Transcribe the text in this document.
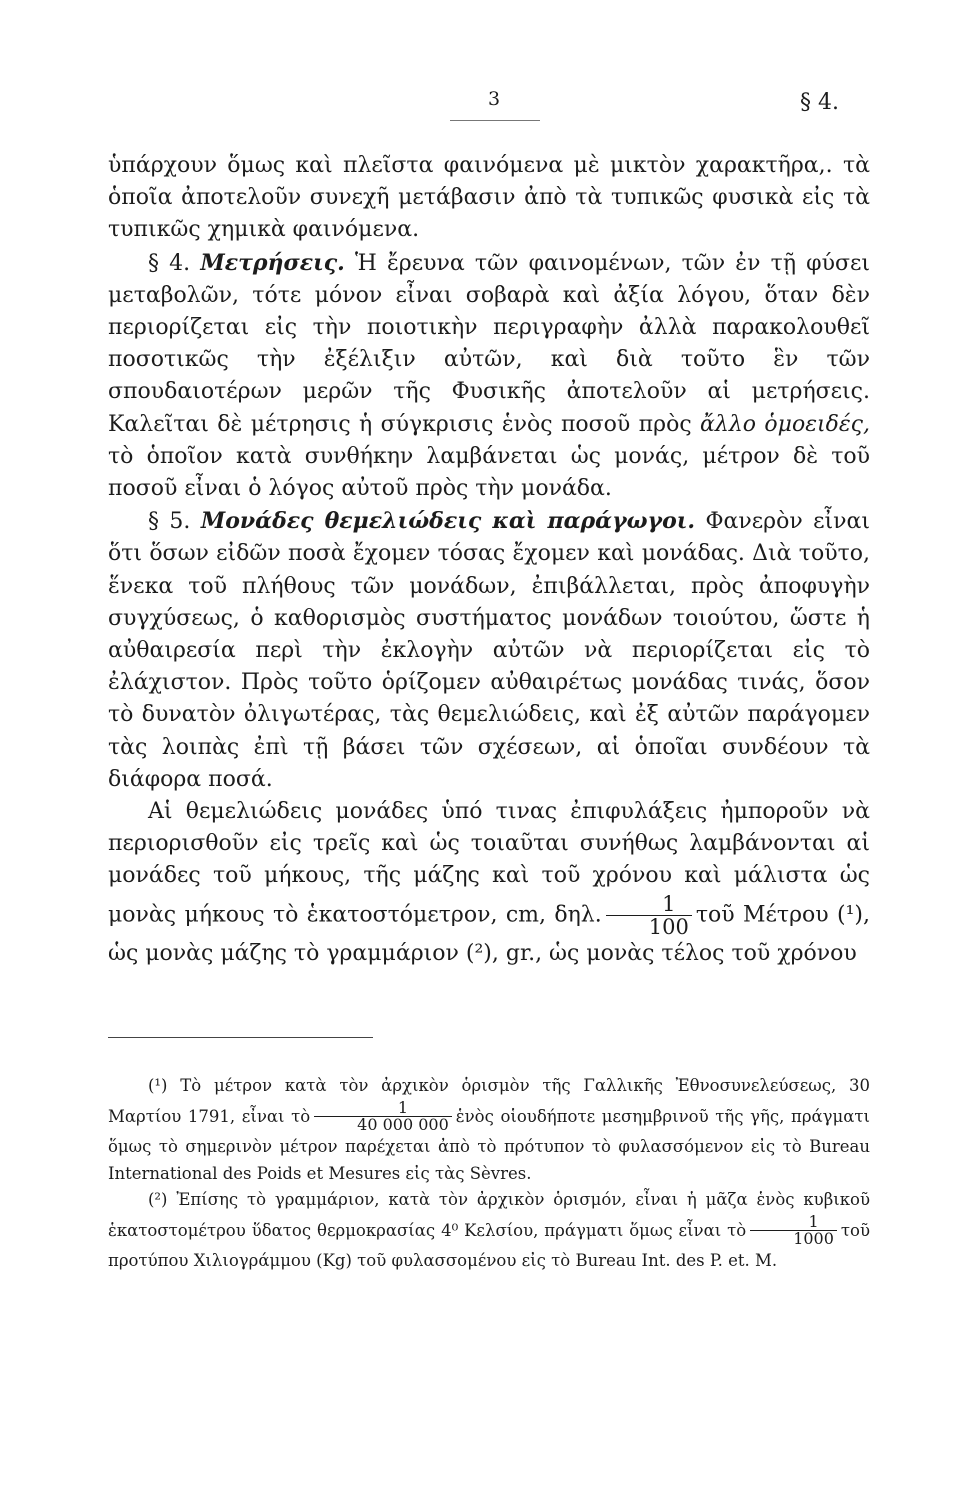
3	§ 4.

ὑπάρχουν ὅμως καὶ πλεῖστα φαινόμενα μὲ μικτὸν χαρακτῆρα,. τὰ ὁποῖα ἀποτελοῦν συνεχῆ μετάβασιν ἀπὸ τὰ τυπικῶς φυσικὰ εἰς τὰ τυπικῶς χημικὰ φαινόμενα.

§ 4. Μετρήσεις. Ἡ ἔρευνα τῶν φαινομένων, τῶν ἐν τῇ φύσει μεταβολῶν, τότε μόνον εἶναι σοβαρὰ καὶ ἀξία λόγου, ὅταν δὲν περιορίζεται εἰς τὴν ποιοτικὴν περιγραφὴν ἀλλὰ παρακολουθεῖ ποσοτικῶς τὴν ἐξέλιξιν αὐτῶν, καὶ διὰ τοῦτο ἓν τῶν σπουδαιοτέρων μερῶν τῆς Φυσικῆς ἀποτελοῦν αἱ μετρήσεις. Καλεῖται δὲ μέτρησις ἡ σύγκρισις ἑνὸς ποσοῦ πρὸς ἄλλο ὁμοειδές, τὸ ὁποῖον κατὰ συνθήκην λαμβάνεται ὡς μονάς, μέτρον δὲ τοῦ ποσοῦ εἶναι ὁ λόγος αὐτοῦ πρὸς τὴν μονάδα.

§ 5. Μονάδες θεμελιώδεις καὶ παράγωγοι. Φανερὸν εἶναι ὅτι ὅσων εἰδῶν ποσὰ ἔχομεν τόσας ἔχομεν καὶ μονάδας. Διὰ τοῦτο, ἕνεκα τοῦ πλήθους τῶν μονάδων, ἐπιβάλλεται, πρὸς ἀποφυγὴν συγχύσεως, ὁ καθορισμὸς συστήματος μονάδων τοιούτου, ὥστε ἡ αὐθαιρεσία περὶ τὴν ἐκλογὴν αὐτῶν νὰ περιορίζεται εἰς τὸ ἐλάχιστον. Πρὸς τοῦτο ὁρίζομεν αὐθαιρέτως μονάδας τινάς, ὅσον τὸ δυνατὸν ὀλιγωτέρας, τὰς θεμελιώδεις, καὶ ἐξ αὐτῶν παράγομεν τὰς λοιπὰς ἐπὶ τῇ βάσει τῶν σχέσεων, αἱ ὁποῖαι συνδέουν τὰ διάφορα ποσά.

Αἱ θεμελιώδεις μονάδες ὑπό τινας ἐπιφυλάξεις ἠμποροῦν νὰ περιορισθοῦν εἰς τρεῖς καὶ ὡς τοιαῦται συνήθως λαμβάνονται αἱ μονάδες τοῦ μήκους, τῆς μάζης καὶ τοῦ χρόνου καὶ μάλιστα ὡς μονὰς μήκους τὸ ἑκατοστόμετρον, cm, δηλ. $\frac{1}{100}$ τοῦ Μέτρου (¹), ὡς μονὰς μάζης τὸ γραμμάριον (²), gr., ὡς μονὰς τέλος τοῦ χρόνου

(¹) Τὸ μέτρον κατὰ τὸν ἀρχικὸν ὁρισμὸν τῆς Γαλλικῆς Ἐθνοσυνελεύσεως, 30 Μαρτίου 1791, εἶναι τὸ $\frac{1}{40 000 000}$ ἑνὸς οἱουδήποτε μεσημβρινοῦ τῆς γῆς, πράγματι ὅμως τὸ σημερινὸν μέτρον παρέχεται ἀπὸ τὸ πρότυπον τὸ φυλασσόμενον εἰς τὸ Bureau International des Poids et Mesures εἰς τὰς Sèvres.

(²) Ἐπίσης τὸ γραμμάριον, κατὰ τὸν ἀρχικὸν ὁρισμόν, εἶναι ἡ μᾶζα ἑνὸς κυβικοῦ ἑκατοστομέτρου ὕδατος θερμοκρασίας 4⁰ Κελσίου, πράγματι ὅμως εἶναι τὸ $\frac{1}{1000}$ τοῦ προτύπου Χιλιογράμμου (Kg) τοῦ φυλασσομένου εἰς τὸ Bureau Int. des P. et. M.
